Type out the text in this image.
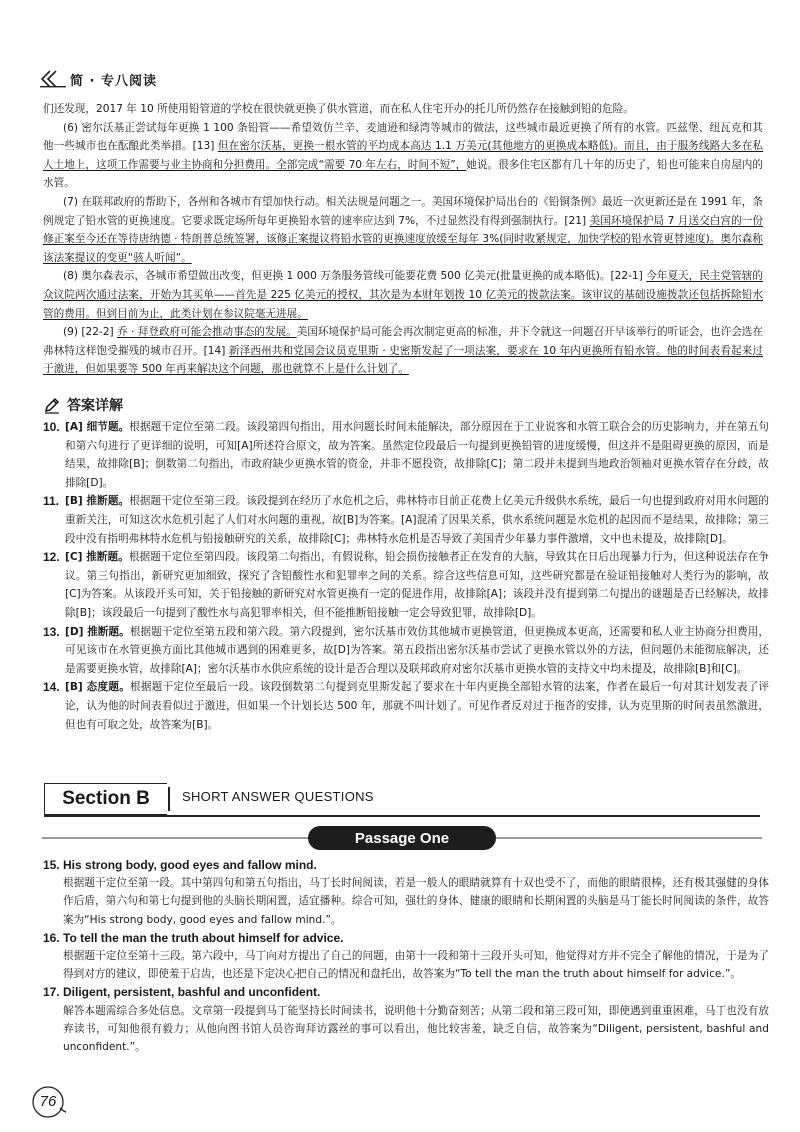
简 · 专八阅读

们还发现，2017 年 10 所使用铅管道的学校在很快就更换了供水管道，而在私人住宅开办的托儿所仍然存在接触到铅的危险。

(6) 密尔沃基正尝试每年更换 1 100 条铅管——希望效仿兰辛、麦迪逊和绿湾等城市的做法，这些城市最近更换了所有的水管。匹兹堡、纽瓦克和其他一些城市也在酝酿此类举措。[13] 但在密尔沃基，更换一根水管的平均成本高达 1.1 万美元(其他地方的更换成本略低)。而且，由于服务线路大多在私人土地上，这项工作需要与业主协商和分担费用。全部完成“需要 70 年左右，时间不短”，她说。很多住宅区都有几十年的历史了，铅也可能来自房屋内的水管。

(7) 在联邦政府的帮助下，各州和各城市有望加快行动。相关法规是问题之一。美国环境保护局出台的《铅铜条例》最近一次更新还是在 1991 年，条例规定了铅水管的更换速度。它要求既定场所每年更换铅水管的速率应达到 7%，不过显然没有得到强制执行。[21] 美国环境保护局 7 月送交白宫的一份修正案至今还在等待唐纳德 · 特朗普总统签署，该修正案提议将铅水管的更换速度放缓至每年 3%(同时收紧规定，加快学校的铅水管更替速度)。奥尔森称该法案提议的变更“骇人听闻”。

(8) 奥尔森表示，各城市希望做出改变，但更换 1 000 万条服务管线可能要花费 500 亿美元(批量更换的成本略低)。[22-1] 今年夏天，民主党管辖的众议院两次通过法案，开始为其买单——首先是 225 亿美元的授权，其次是为本财年划拨 10 亿美元的拨款法案。该审议的基础设施拨款还包括拆除铅水管的费用。但到目前为止，此类计划在参议院毫无进展。

(9) [22-2] 乔 · 拜登政府可能会推动事态的发展。美国环境保护局可能会再次制定更高的标准，并下令就这一问题召开早该举行的听证会，也许会选在弗林特这样饱受摧残的城市召开。[14] 新泽西州共和党国会议员克里斯 · 史密斯发起了一项法案，要求在 10 年内更换所有铅水管。他的时间表看起来过于激进，但如果要等 500 年再来解决这个问题，那也就算不上是什么计划了。

答案详解

10. [A] 细节题。根据题干定位至第二段。该段第四句指出，用水问题长时间未能解决，部分原因在于工业说客和水管工联合会的历史影响力，并在第五句和第六句进行了更详细的说明，可知[A]所述符合原文，故为答案。虽然定位段最后一句提到更换铅管的进度缓慢，但这并不是阻碍更换的原因，而是结果，故排除[B]；倒数第二句指出，市政府缺少更换水管的资金，并非不愿投资，故排除[C]；第二段并未提到当地政治领袖对更换水管存在分歧，故排除[D]。

11. [B] 推断题。根据题干定位至第三段。该段提到在经历了水危机之后，弗林特市目前正花费上亿美元升级供水系统，最后一句也提到政府对用水问题的重新关注，可知这次水危机引起了人们对水问题的重视，故[B]为答案。[A]混淆了因果关系，供水系统问题是水危机的起因而不是结果，故排除；第三段中没有指明弗林特水危机与铅接触研究的关系，故排除[C]；弗林特水危机是否导致了美国青少年暴力事件激增，文中也未提及，故排除[D]。

12. [C] 推断题。根据题干定位至第四段。该段第二句指出，有假说称，铅会损伤接触者正在发育的大脑，导致其在日后出现暴力行为，但这种说法存在争议。第三句指出，新研究更加细致，探究了含铅酸性水和犯罪率之间的关系。综合这些信息可知，这些研究都是在验证铅接触对人类行为的影响，故[C]为答案。从该段开头可知，关于铅接触的新研究对水管更换有一定的促进作用，故排除[A]；该段并没有提到第二句提出的谜题是否已经解决，故排除[B]；该段最后一句提到了酸性水与高犯罪率相关，但不能推断铅接触一定会导致犯罪，故排除[D]。

13. [D] 推断题。根据题干定位至第五段和第六段。第六段提到，密尔沃基市效仿其他城市更换管道，但更换成本更高，还需要和私人业主协商分担费用，可见该市在水管更换方面比其他城市遇到的困难更多，故[D]为答案。第五段指出密尔沃基市尝试了更换水管以外的方法，但问题仍未能彻底解决，还是需要更换水管，故排除[A]；密尔沃基市水供应系统的设计是否合理以及联邦政府对密尔沃基市更换水管的支持文中均未提及，故排除[B]和[C]。

14. [B] 态度题。根据题干定位至最后一段。该段倒数第二句提到克里斯发起了要求在十年内更换全部铅水管的法案，作者在最后一句对其计划发表了评论，认为他的时间表看似过于激进，但如果一个计划长达 500 年，那就不叫计划了。可见作者反对过于拖沓的安排，认为克里斯的时间表虽然激进，但也有可取之处，故答案为[B]。

Section B	SHORT ANSWER QUESTIONS
Passage One
15. His strong body, good eyes and fallow mind.

根据题干定位至第一段。其中第四句和第五句指出，马丁长时间阅读，若是一般人的眼睛就算有十双也受不了，而他的眼睛很棒，还有极其强健的身体作后盾，第六句和第七句提到他的头脑长期闲置，适宜播种。综合可知，强壮的身体、健康的眼睛和长期闲置的头脑是马丁能长时间阅读的条件，故答案为“His strong body, good eyes and fallow mind.”。

16. To tell the man the truth about himself for advice.

根据题干定位至第十三段。第六段中，马丁向对方提出了自己的问题，由第十一段和第十三段开头可知，他觉得对方并不完全了解他的情况，于是为了得到对方的建议，即使羞于启齿，也还是下定决心把自己的情况和盘托出，故答案为“To tell the man the truth about himself for advice.”。

17. Diligent, persistent, bashful and unconfident.

解答本题需综合多处信息。文章第一段提到马丁能坚持长时间读书，说明他十分勤奋刻苦；从第二段和第三段可知，即使遇到重重困难，马丁也没有放弃读书，可知他很有毅力；从他向图书馆人员咨询拜访露丝的事可以看出，他比较害羞，缺乏自信，故答案为“Diligent, persistent, bashful and unconfident.”。

76
